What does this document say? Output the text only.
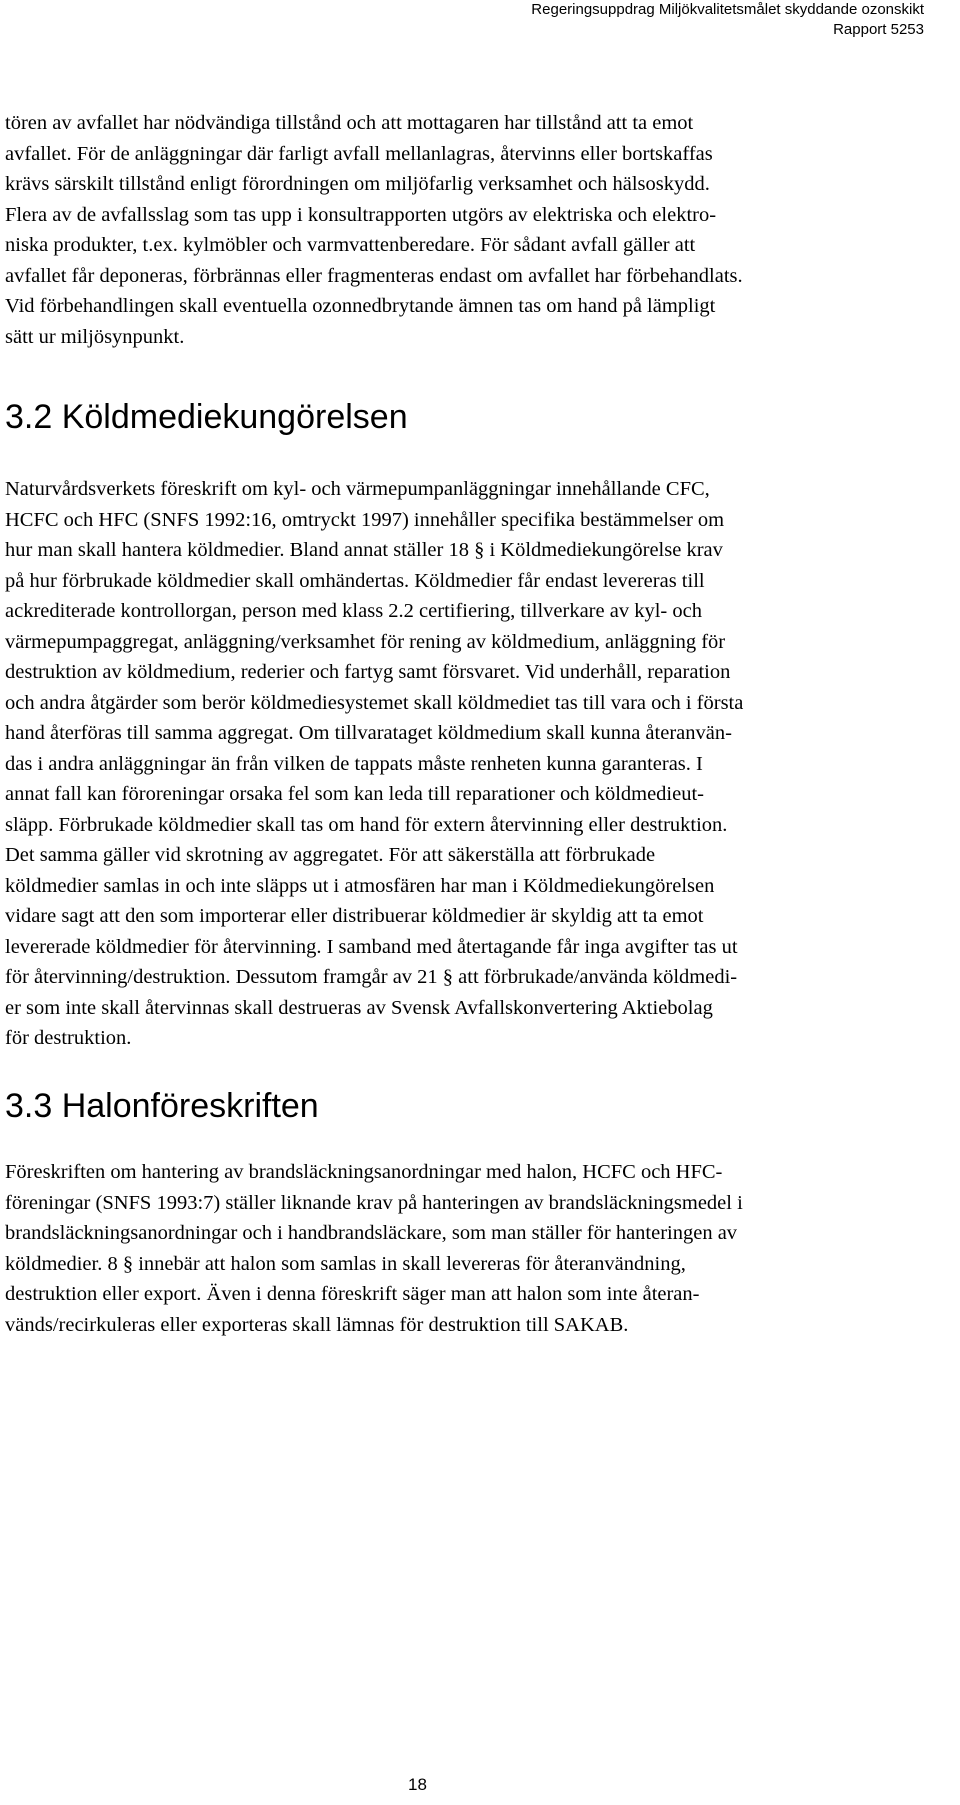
Regeringsuppdrag Miljökvalitetsmålet skyddande ozonskikt
Rapport 5253

tören av avfallet har nödvändiga tillstånd och att mottagaren har tillstånd att ta emot
avfallet. För de anläggningar där farligt avfall mellanlagras, återvinns eller bortskaffas
krävs särskilt tillstånd enligt förordningen om miljöfarlig verksamhet och hälsoskydd.
Flera av de avfallsslag som tas upp i konsultrapporten utgörs av elektriska och elektro-
niska produkter, t.ex. kylmöbler och varmvattenberedare. För sådant avfall gäller att
avfallet får deponeras, förbrännas eller fragmenteras endast om avfallet har förbehandlats.
Vid förbehandlingen skall eventuella ozonnedbrytande ämnen tas om hand på lämpligt
sätt ur miljösynpunkt.

3.2 Köldmediekungörelsen

Naturvårdsverkets föreskrift om kyl- och värmepumpanläggningar innehållande CFC,
HCFC och HFC (SNFS 1992:16, omtryckt 1997) innehåller specifika bestämmelser om
hur man skall hantera köldmedier. Bland annat ställer 18 § i Köldmediekungörelse krav
på hur förbrukade köldmedier skall omhändertas. Köldmedier får endast levereras till
ackrediterade kontrollorgan, person med klass 2.2 certifiering, tillverkare av kyl- och
värmepumpaggregat, anläggning/verksamhet för rening av köldmedium, anläggning för
destruktion av köldmedium, rederier och fartyg samt försvaret. Vid underhåll, reparation
och andra åtgärder som berör köldmediesystemet skall köldmediet tas till vara och i första
hand återföras till samma aggregat. Om tillvarataget köldmedium skall kunna återanvän-
das i andra anläggningar än från vilken de tappats måste renheten kunna garanteras. I
annat fall kan föroreningar orsaka fel som kan leda till reparationer och köldmedieut-
släpp. Förbrukade köldmedier skall tas om hand för extern återvinning eller destruktion.
Det samma gäller vid skrotning av aggregatet. För att säkerställa att förbrukade
köldmedier samlas in och inte släpps ut i atmosfären har man i Köldmediekungörelsen
vidare sagt att den som importerar eller distribuerar köldmedier är skyldig att ta emot
levererade köldmedier för återvinning. I samband med återtagande får inga avgifter tas ut
för återvinning/destruktion. Dessutom framgår av 21 § att förbrukade/använda köldmedi-
er som inte skall återvinnas skall destrueras av Svensk Avfallskonvertering Aktiebolag
för destruktion.

3.3 Halonföreskriften

Föreskriften om hantering av brandsläckningsanordningar med halon, HCFC och HFC-
föreningar (SNFS 1993:7) ställer liknande krav på hanteringen av brandsläckningsmedel i
brandsläckningsanordningar och i handbrandsläckare, som man ställer för hanteringen av
köldmedier. 8 § innebär att halon som samlas in skall levereras för återanvändning,
destruktion eller export. Även i denna föreskrift säger man att halon som inte återan-
vänds/recirkuleras eller exporteras skall lämnas för destruktion till SAKAB.

18
